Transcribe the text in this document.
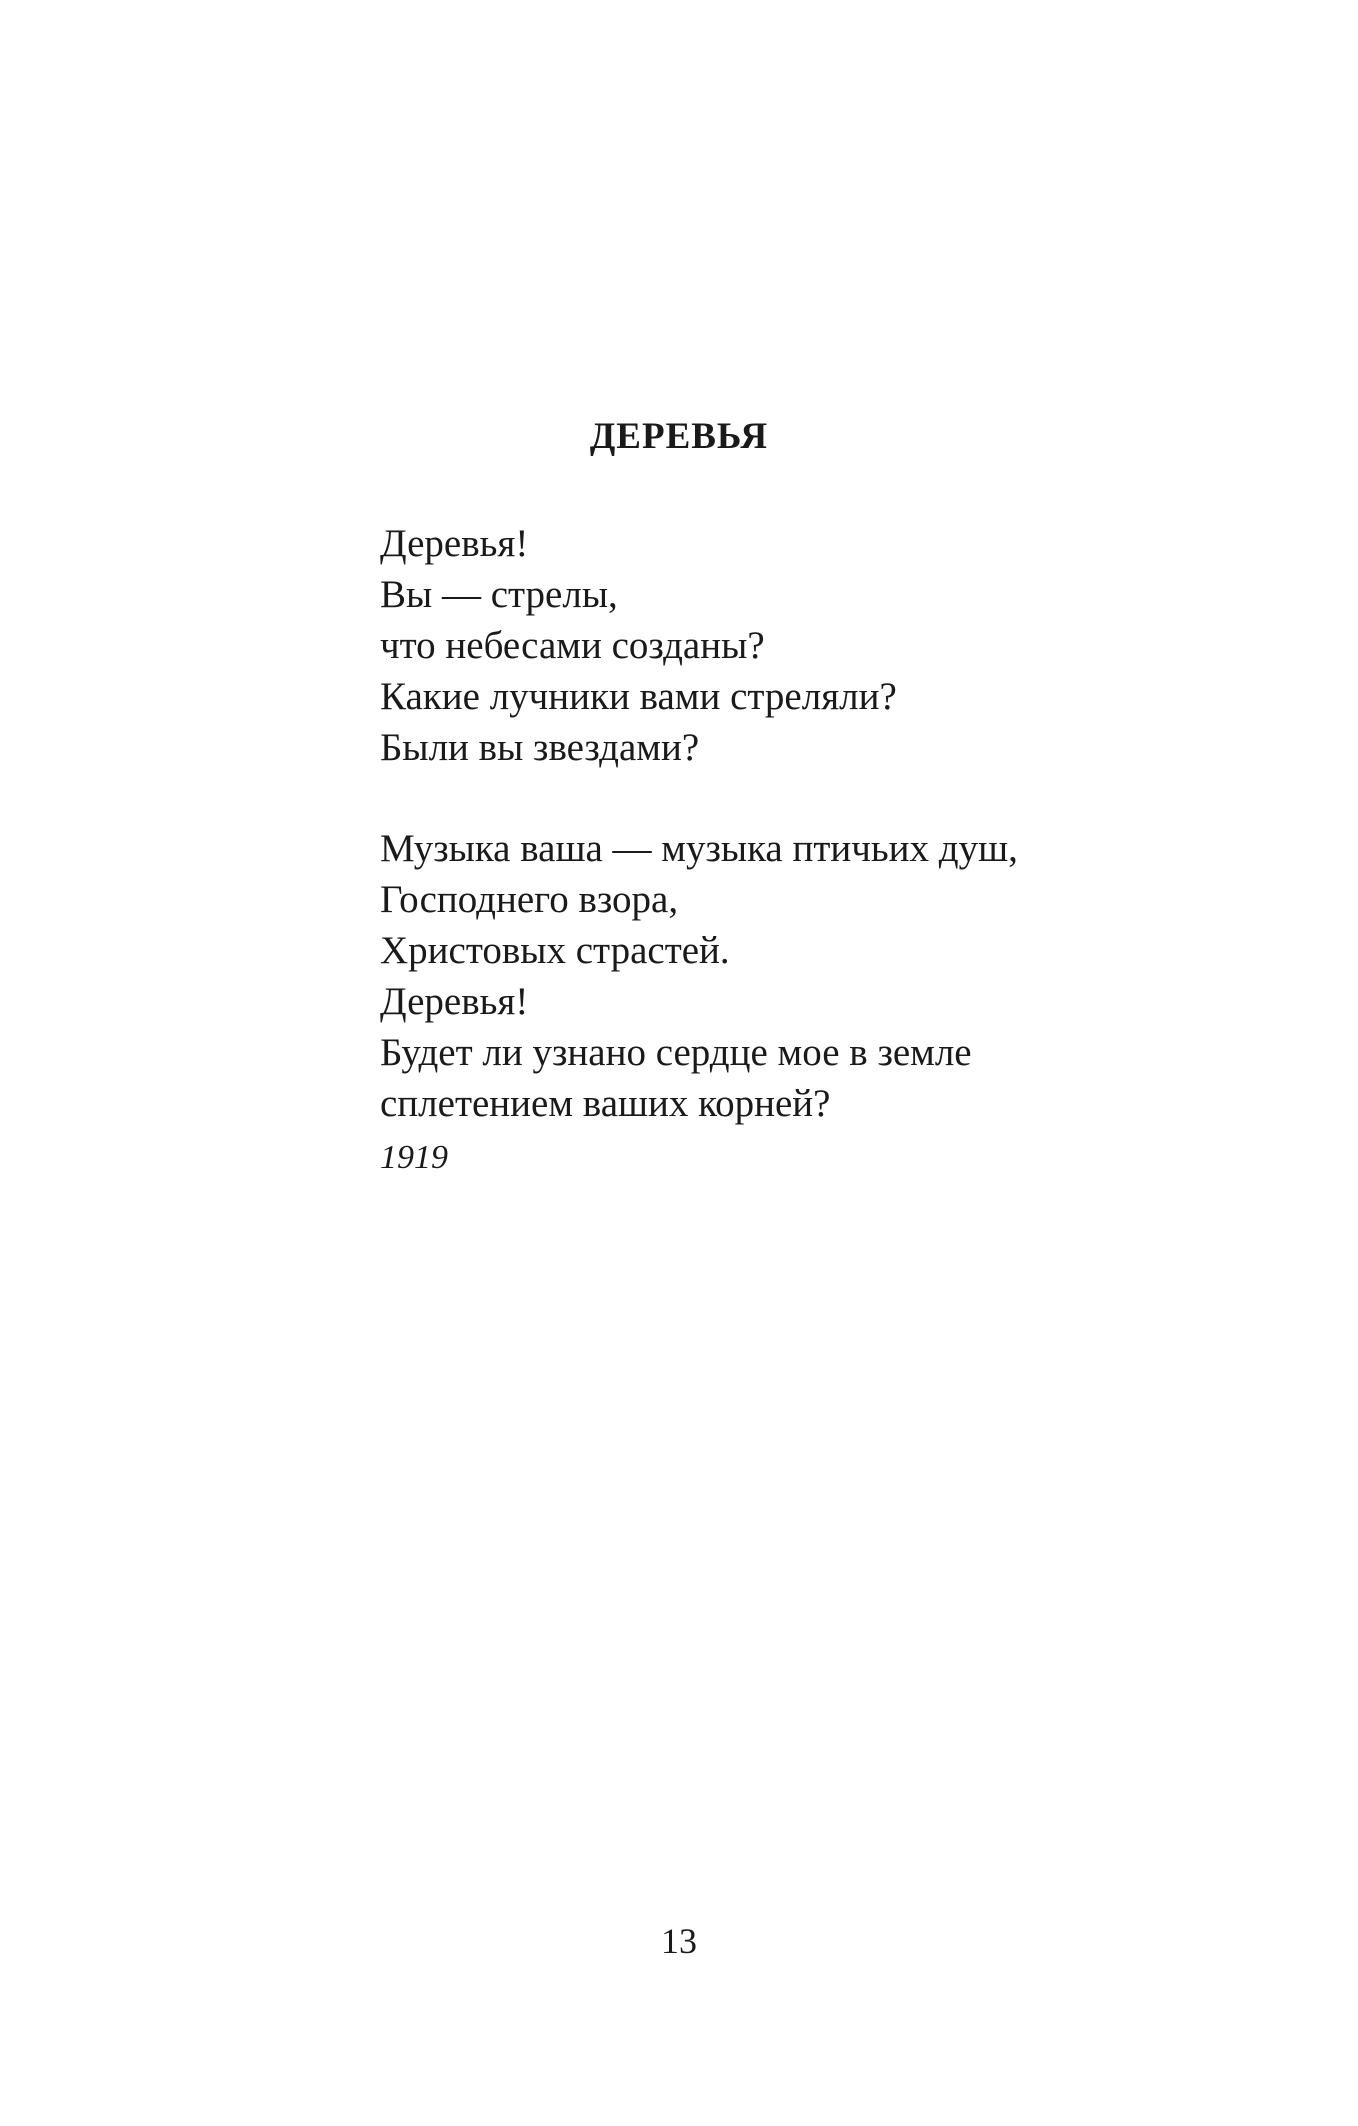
ДЕРЕВЬЯ

Деревья!
Вы — стрелы,
что небесами созданы?
Какие лучники вами стреляли?
Были вы звездами?

Музыка ваша — музыка птичьих душ,
Господнего взора,
Христовых страстей.
Деревья!
Будет ли узнано сердце мое в земле
сплетением ваших корней?

1919
13
